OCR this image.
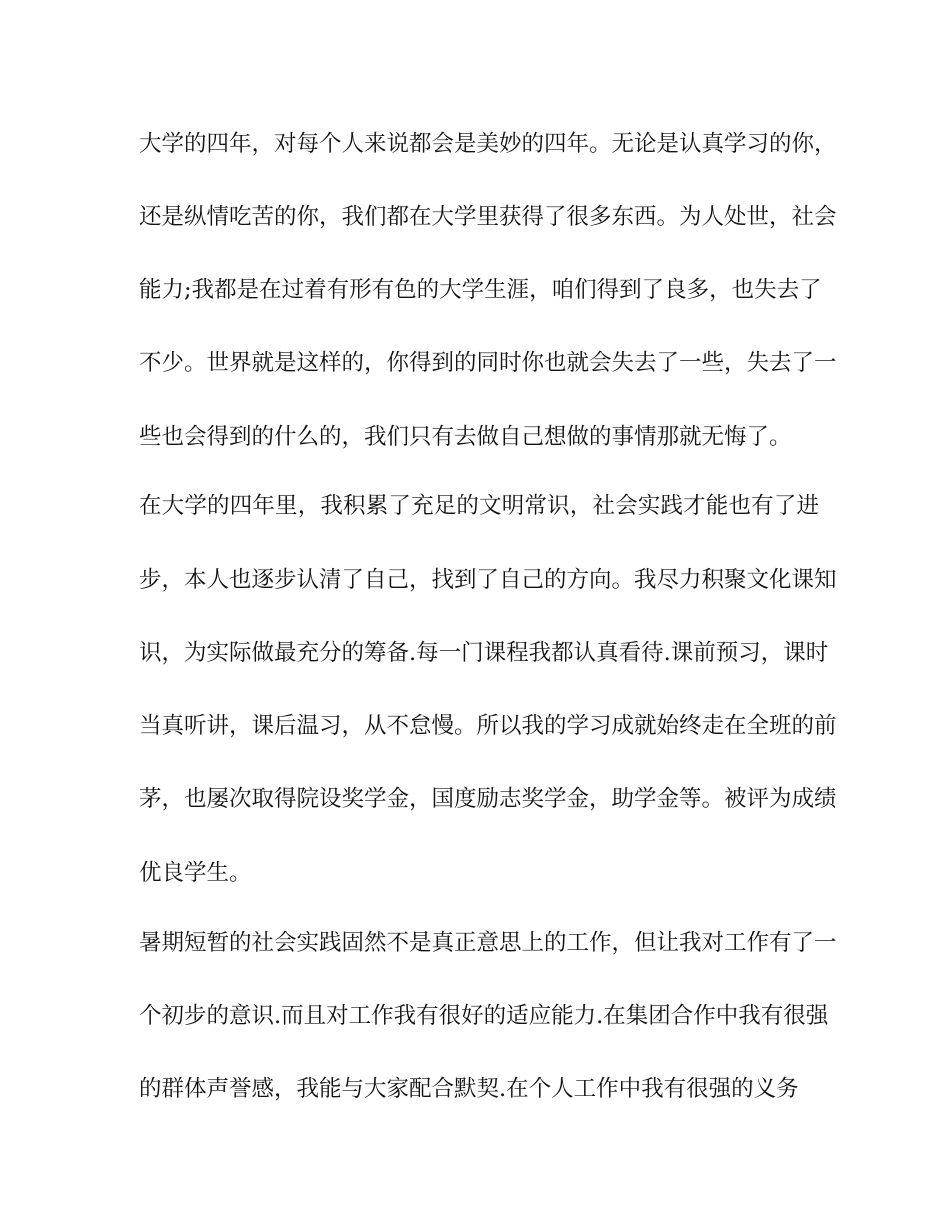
大学的四年，对每个人来说都会是美妙的四年。无论是认真学习的你，
还是纵情吃苦的你，我们都在大学里获得了很多东西。为人处世，社会
能力;我都是在过着有形有色的大学生涯，咱们得到了良多，也失去了
不少。世界就是这样的，你得到的同时你也就会失去了一些，失去了一
些也会得到的什么的，我们只有去做自己想做的事情那就无悔了。
在大学的四年里，我积累了充足的文明常识，社会实践才能也有了进
步，本人也逐步认清了自己，找到了自己的方向。我尽力积聚文化课知
识，为实际做最充分的筹备.每一门课程我都认真看待.课前预习，课时
当真听讲，课后温习，从不怠慢。所以我的学习成就始终走在全班的前
茅，也屡次取得院设奖学金，国度励志奖学金，助学金等。被评为成绩
优良学生。
暑期短暂的社会实践固然不是真正意思上的工作，但让我对工作有了一
个初步的意识.而且对工作我有很好的适应能力.在集团合作中我有很强
的群体声誉感，我能与大家配合默契.在个人工作中我有很强的义务
